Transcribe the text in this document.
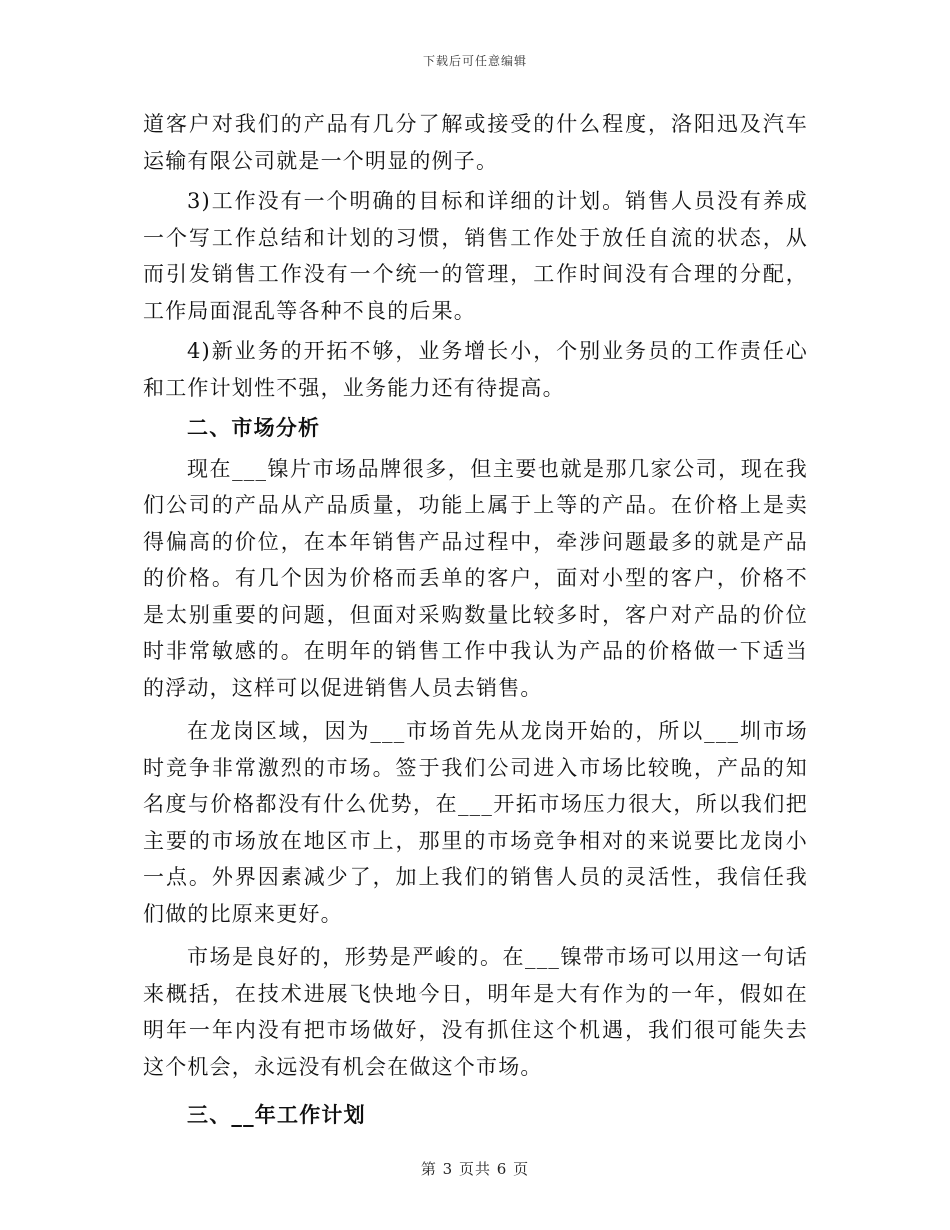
下载后可任意编辑

道客户对我们的产品有几分了解或接受的什么程度，洛阳迅及汽车运输有限公司就是一个明显的例子。

3)工作没有一个明确的目标和详细的计划。销售人员没有养成一个写工作总结和计划的习惯，销售工作处于放任自流的状态，从而引发销售工作没有一个统一的管理，工作时间没有合理的分配，工作局面混乱等各种不良的后果。

4)新业务的开拓不够，业务增长小，个别业务员的工作责任心和工作计划性不强，业务能力还有待提高。

二、市场分析

现在___镍片市场品牌很多，但主要也就是那几家公司，现在我们公司的产品从产品质量，功能上属于上等的产品。在价格上是卖得偏高的价位，在本年销售产品过程中，牵涉问题最多的就是产品的价格。有几个因为价格而丢单的客户，面对小型的客户，价格不是太别重要的问题，但面对采购数量比较多时，客户对产品的价位时非常敏感的。在明年的销售工作中我认为产品的价格做一下适当的浮动，这样可以促进销售人员去销售。

在龙岗区域，因为___市场首先从龙岗开始的，所以___圳市场时竞争非常激烈的市场。签于我们公司进入市场比较晚，产品的知名度与价格都没有什么优势，在___开拓市场压力很大，所以我们把主要的市场放在地区市上，那里的市场竞争相对的来说要比龙岗小一点。外界因素减少了，加上我们的销售人员的灵活性，我信任我们做的比原来更好。

市场是良好的，形势是严峻的。在___镍带市场可以用这一句话来概括，在技术进展飞快地今日，明年是大有作为的一年，假如在明年一年内没有把市场做好，没有抓住这个机遇，我们很可能失去这个机会，永远没有机会在做这个市场。

三、__年工作计划

第 3 页共 6 页
